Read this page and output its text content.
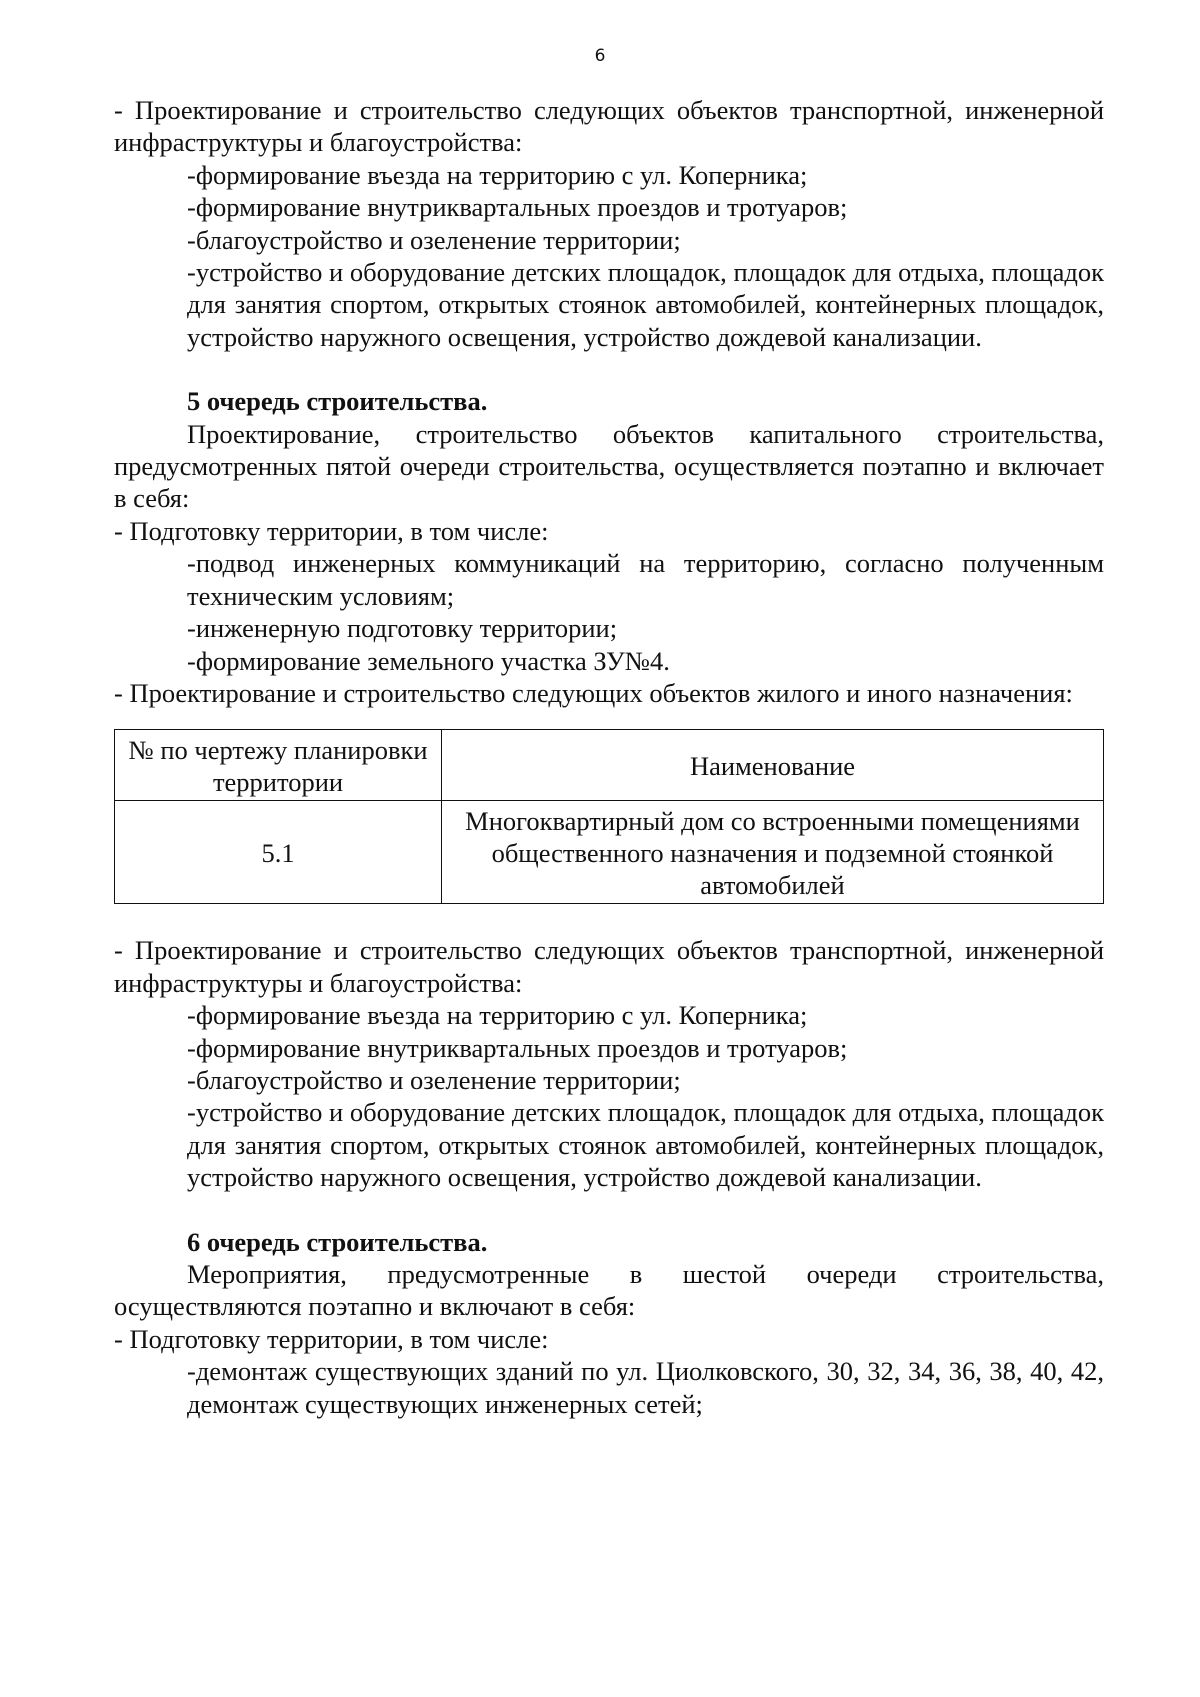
6

- Проектирование и строительство следующих объектов транспортной, инженерной инфраструктуры и благоустройства:

-формирование въезда на территорию с ул. Коперника;

-формирование внутриквартальных проездов и тротуаров;

-благоустройство и озеленение территории;

-устройство и оборудование детских площадок, площадок для отдыха, площадок для занятия спортом, открытых стоянок автомобилей, контейнерных площадок, устройство наружного освещения, устройство дождевой канализации.

5 очередь строительства.

Проектирование, строительство объектов капитального строительства, предусмотренных пятой очереди строительства, осуществляется поэтапно и включает в себя:

- Подготовку территории, в том числе:

-подвод инженерных коммуникаций на территорию, согласно полученным техническим условиям;

-инженерную подготовку территории;

-формирование земельного участка ЗУ№4.

- Проектирование и строительство следующих объектов жилого и иного назначения:

№ по чертежу планировки территории	Наименование
5.1	Многоквартирный дом со встроенными помещениями общественного назначения и подземной стоянкой автомобилей

- Проектирование и строительство следующих объектов транспортной, инженерной инфраструктуры и благоустройства:

-формирование въезда на территорию с ул. Коперника;

-формирование внутриквартальных проездов и тротуаров;

-благоустройство и озеленение территории;

-устройство и оборудование детских площадок, площадок для отдыха, площадок для занятия спортом, открытых стоянок автомобилей, контейнерных площадок, устройство наружного освещения, устройство дождевой канализации.

6 очередь строительства.

Мероприятия, предусмотренные в шестой очереди строительства, осуществляются поэтапно и включают в себя:

- Подготовку территории, в том числе:

-демонтаж существующих зданий по ул. Циолковского, 30, 32, 34, 36, 38, 40, 42, демонтаж существующих инженерных сетей;
